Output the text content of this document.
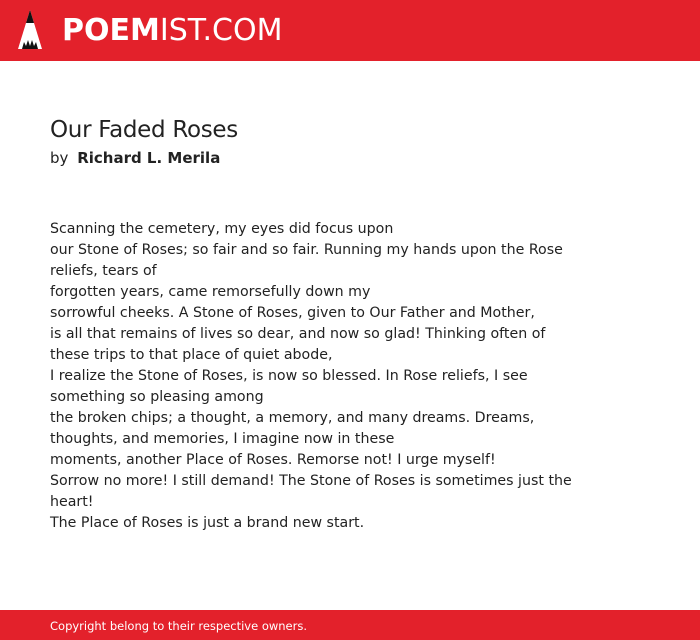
POEMIST.COM
Our Faded Roses
by Richard L. Merila
Scanning the cemetery, my eyes did focus upon
our Stone of Roses; so fair and so fair. Running my hands upon the Rose reliefs, tears of
forgotten years, came remorsefully down my
sorrowful cheeks. A Stone of Roses, given to Our Father and Mother,
is all that remains of lives so dear, and now so glad! Thinking often of
these trips to that place of quiet abode,
I realize the Stone of Roses, is now so blessed. In Rose reliefs, I see something so pleasing among
the broken chips; a thought, a memory, and many dreams. Dreams, thoughts, and memories, I imagine now in these
moments, another Place of Roses. Remorse not! I urge myself!
Sorrow no more! I still demand! The Stone of Roses is sometimes just the heart!
The Place of Roses is just a brand new start.
Copyright belong to their respective owners.
